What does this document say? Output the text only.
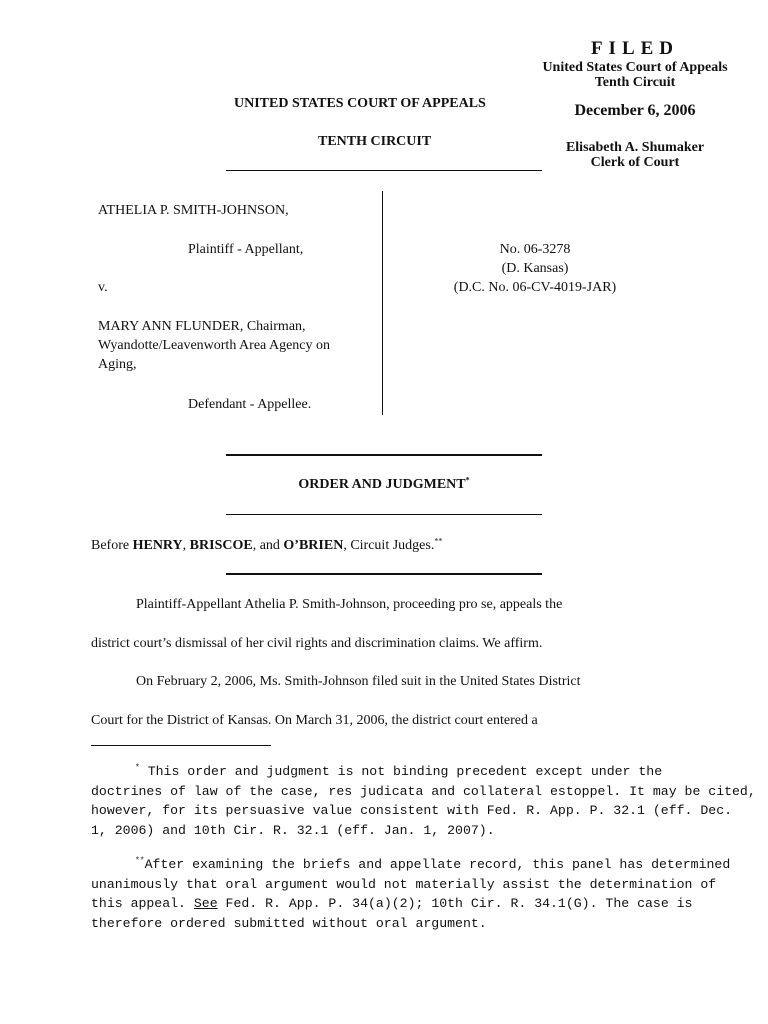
FILED
United States Court of Appeals
Tenth Circuit
December 6, 2006
Elisabeth A. Shumaker
Clerk of Court
UNITED STATES COURT OF APPEALS
TENTH CIRCUIT
ATHELIA P. SMITH-JOHNSON,
Plaintiff - Appellant,
v.
MARY ANN FLUNDER, Chairman,
Wyandotte/Leavenworth Area Agency on
Aging,
Defendant - Appellee.
No. 06-3278
(D. Kansas)
(D.C. No. 06-CV-4019-JAR)
ORDER AND JUDGMENT*
Before HENRY, BRISCOE, and O’BRIEN, Circuit Judges.**
Plaintiff-Appellant Athelia P. Smith-Johnson, proceeding pro se, appeals the
district court’s dismissal of her civil rights and discrimination claims. We affirm.
On February 2, 2006, Ms. Smith-Johnson filed suit in the United States District
Court for the District of Kansas. On March 31, 2006, the district court entered a
* This order and judgment is not binding precedent except under the
doctrines of law of the case, res judicata and collateral estoppel. It may be cited,
however, for its persuasive value consistent with Fed. R. App. P. 32.1 (eff. Dec.
1, 2006) and 10th Cir. R. 32.1 (eff. Jan. 1, 2007).
**After examining the briefs and appellate record, this panel has determined
unanimously that oral argument would not materially assist the determination of
this appeal. See Fed. R. App. P. 34(a)(2); 10th Cir. R. 34.1(G). The case is
therefore ordered submitted without oral argument.
